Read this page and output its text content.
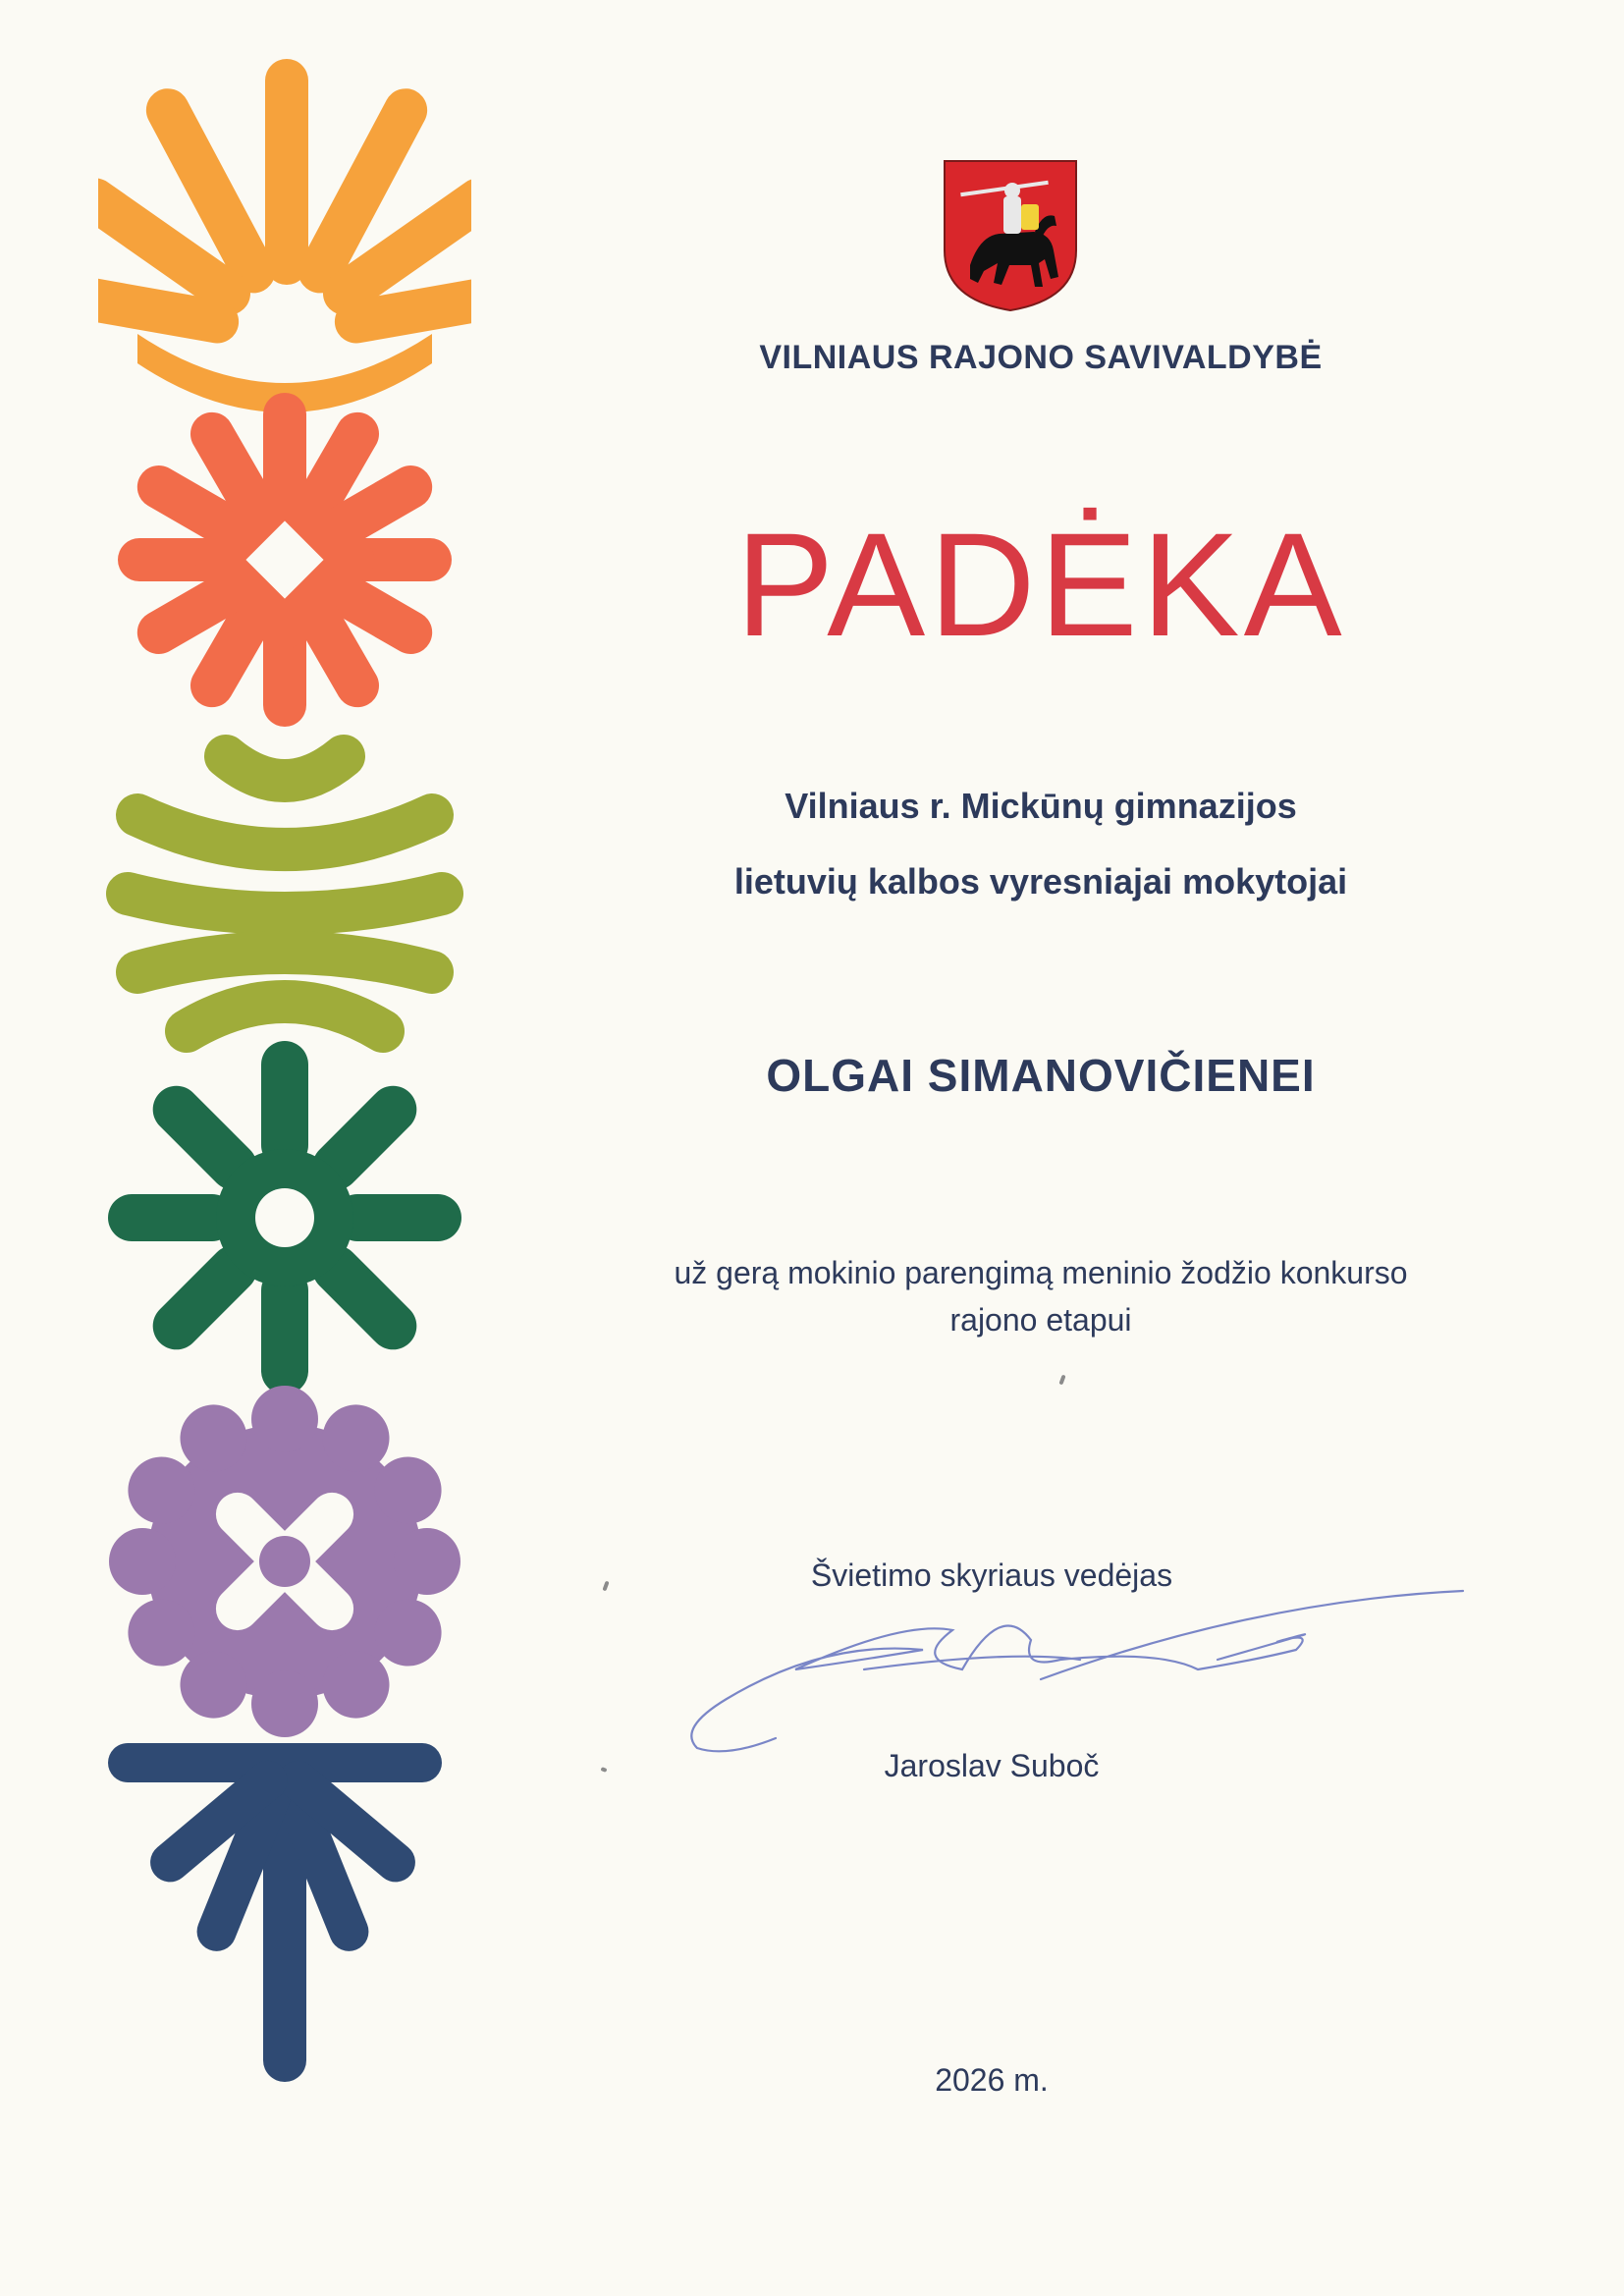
VILNIAUS RAJONO SAVIVALDYBĖ
PADĖKA

Vilniaus r. Mickūnų gimnazijos

lietuvių kalbos vyresniajai mokytojai

OLGAI SIMANOVIČIENEI

už gerą mokinio parengimą meninio žodžio konkurso
rajono etapui

Švietimo skyriaus vedėjas

Jaroslav Subоč

2026 m.
